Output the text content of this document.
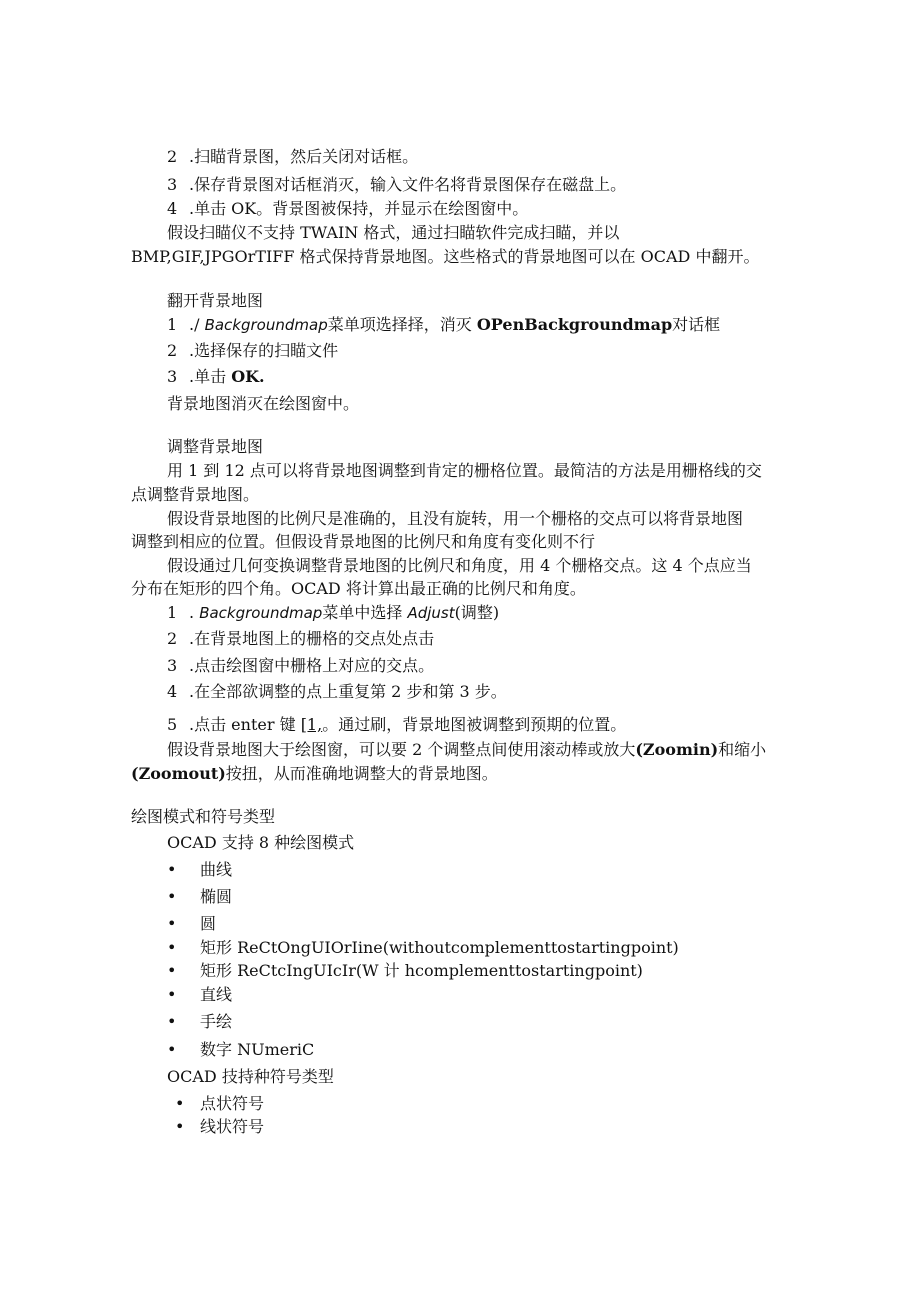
2 .扫瞄背景图，然后关闭对话框。
3 .保存背景图对话框消灭，输入文件名将背景图保存在磁盘上。
4 .单击 OK。背景图被保持，并显示在绘图窗中。
假设扫瞄仪不支持 TWAIN 格式，通过扫瞄软件完成扫瞄，并以
BMP,GIF,JPGOrTIFF 格式保持背景地图。这些格式的背景地图可以在 OCAD 中翻开。
翻开背景地图
1 ./ Backgroundmap菜单项选择择，消灭 OPenBackgroundmap对话框
2 .选择保存的扫瞄文件
3 .单击 OK.
背景地图消灭在绘图窗中。
调整背景地图
用 1 到 12 点可以将背景地图调整到肯定的栅格位置。最简洁的方法是用栅格线的交
点调整背景地图。
假设背景地图的比例尺是准确的，且没有旋转，用一个栅格的交点可以将背景地图
调整到相应的位置。但假设背景地图的比例尺和角度有变化则不行
假设通过几何变换调整背景地图的比例尺和角度，用 4 个栅格交点。这 4 个点应当
分布在矩形的四个角。OCAD 将计算出最正确的比例尺和角度。
1 . Backgroundmap菜单中选择 Adjust(调整)
2 .在背景地图上的栅格的交点处点击
3 .点击绘图窗中栅格上对应的交点。
4 .在全部欲调整的点上重复第 2 步和第 3 步。
5 .点击 enter 键 [1,。通过刷，背景地图被调整到预期的位置。
假设背景地图大于绘图窗，可以要 2 个调整点间使用滚动棒或放大(Zoomin)和缩小
(Zoomout)按扭，从而准确地调整大的背景地图。
绘图模式和符号类型
OCAD 支持 8 种绘图模式
• 曲线
• 椭圆
• 圆
• 矩形 ReCtOngUIOrIine(withoutcomplementtostartingpoint)
• 矩形 ReCtcIngUIcIr(W 计 hcomplementtostartingpoint)
• 直线
• 手绘
• 数字 NUmeriC
OCAD 技持种符号类型
• 点状符号
• 线状符号
